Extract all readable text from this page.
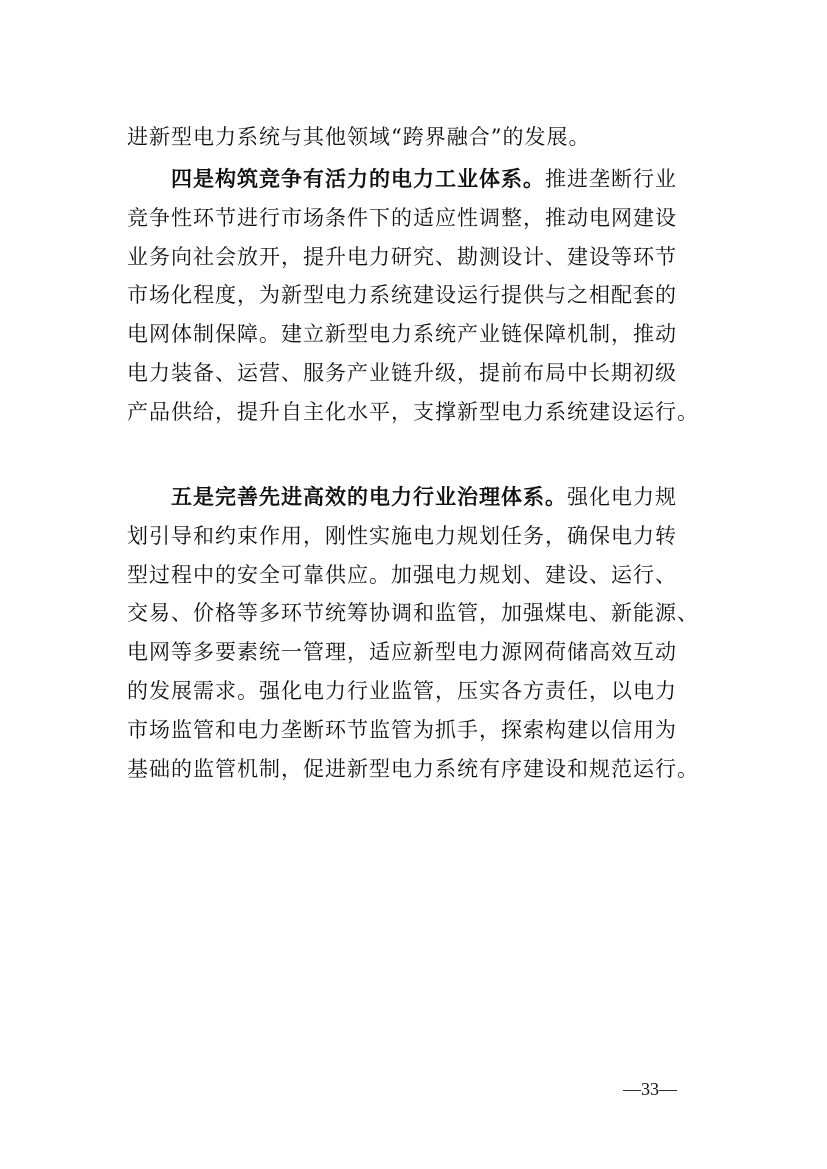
进新型电力系统与其他领域“跨界融合”的发展。

四是构筑竞争有活力的电力工业体系。推进垄断行业
竞争性环节进行市场条件下的适应性调整，推动电网建设
业务向社会放开，提升电力研究、勘测设计、建设等环节
市场化程度，为新型电力系统建设运行提供与之相配套的
电网体制保障。建立新型电力系统产业链保障机制，推动
电力装备、运营、服务产业链升级，提前布局中长期初级
产品供给，提升自主化水平，支撑新型电力系统建设运行。

五是完善先进高效的电力行业治理体系。强化电力规
划引导和约束作用，刚性实施电力规划任务，确保电力转
型过程中的安全可靠供应。加强电力规划、建设、运行、
交易、价格等多环节统筹协调和监管，加强煤电、新能源、
电网等多要素统一管理，适应新型电力源网荷储高效互动
的发展需求。强化电力行业监管，压实各方责任，以电力
市场监管和电力垄断环节监管为抓手，探索构建以信用为
基础的监管机制，促进新型电力系统有序建设和规范运行。

—33—
